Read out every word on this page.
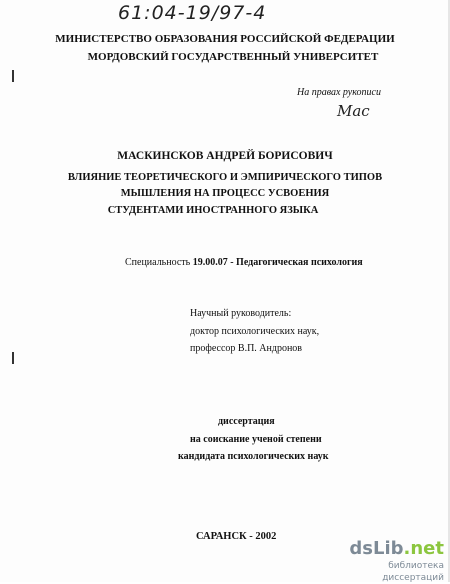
61:04-19/97-4
МИНИСТЕРСТВО ОБРАЗОВАНИЯ РОССИЙСКОЙ ФЕДЕРАЦИИ
МОРДОВСКИЙ ГОСУДАРСТВЕННЫЙ УНИВЕРСИТЕТ
На правах рукописи
Мас
МАСКИНСКОВ АНДРЕЙ БОРИСОВИЧ
ВЛИЯНИЕ ТЕОРЕТИЧЕСКОГО И ЭМПИРИЧЕСКОГО ТИПОВ
МЫШЛЕНИЯ НА ПРОЦЕСС УСВОЕНИЯ
СТУДЕНТАМИ ИНОСТРАННОГО ЯЗЫКА
Специальность 19.00.07 - Педагогическая психология
Научный руководитель:
доктор психологических наук,
профессор В.П. Андронов
диссертация
на соискание ученой степени
кандидата психологических наук
САРАНСК - 2002
dsLib.net
библиотека диссертаций
